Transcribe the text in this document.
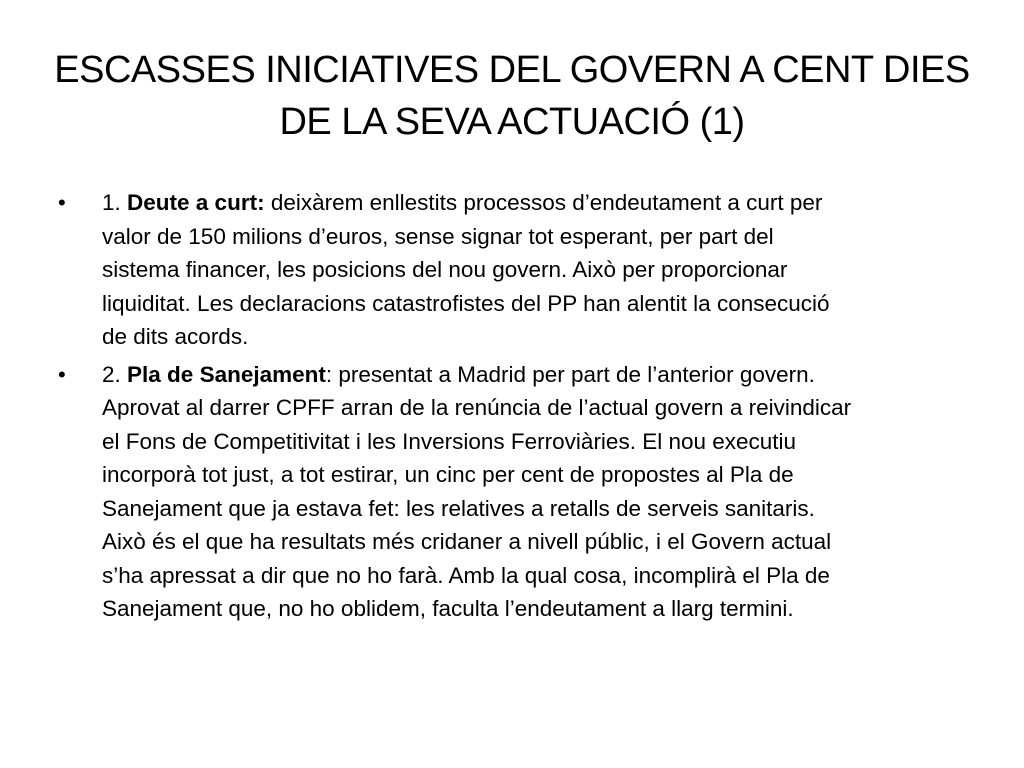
ESCASSES INICIATIVES DEL GOVERN A CENT DIES
DE LA SEVA ACTUACIÓ (1)
• 1. Deute a curt: deixàrem enllestits processos d’endeutament a curt per
valor de 150 milions d’euros, sense signar tot esperant, per part del
sistema financer, les posicions del nou govern. Això per proporcionar
liquiditat. Les declaracions catastrofistes del PP han alentit la consecució
de dits acords.
• 2. Pla de Sanejament: presentat a Madrid per part de l’anterior govern.
Aprovat al darrer CPFF arran de la renúncia de l’actual govern a reivindicar
el Fons de Competitivitat i les Inversions Ferroviàries. El nou executiu
incorporà tot just, a tot estirar, un cinc per cent de propostes al Pla de
Sanejament que ja estava fet: les relatives a retalls de serveis sanitaris.
Això és el que ha resultats més cridaner a nivell públic, i el Govern actual
s’ha apressat a dir que no ho farà. Amb la qual cosa, incomplirà el Pla de
Sanejament que, no ho oblidem, faculta l’endeutament a llarg termini.
